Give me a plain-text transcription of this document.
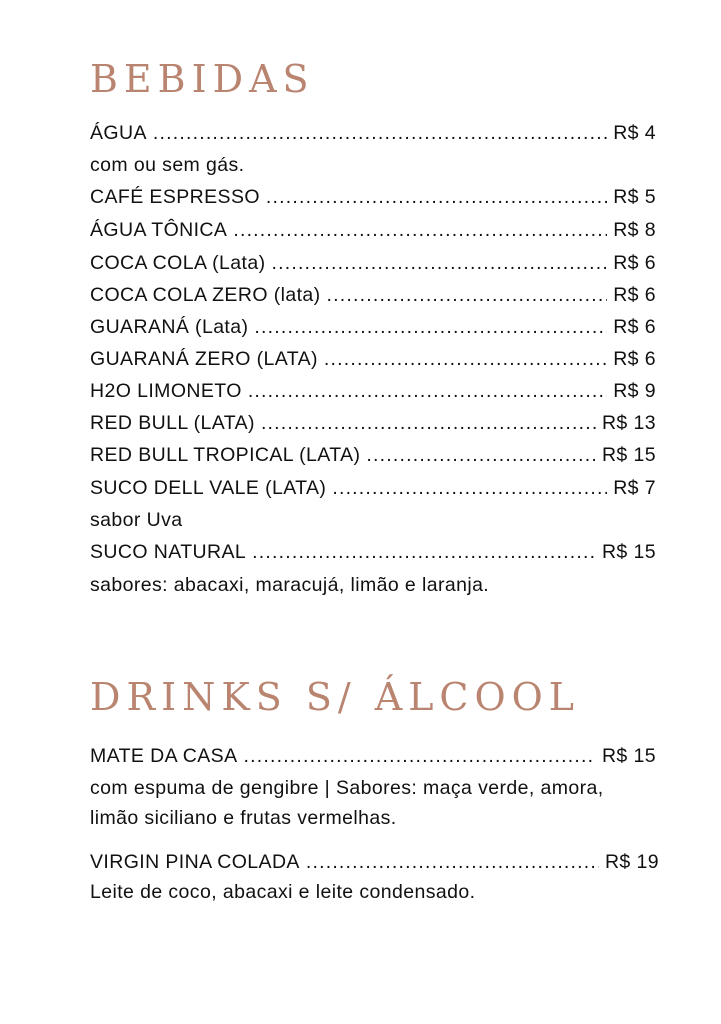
BEBIDAS
ÁGUA .....	R$ 4
com ou sem gás.
CAFÉ ESPRESSO .....	R$ 5
ÁGUA TÔNICA .....	R$ 8
COCA COLA (Lata) .....	R$ 6
COCA COLA ZERO (lata) .....	R$ 6
GUARANÁ (Lata) .....	R$ 6
GUARANÁ ZERO (LATA) .....	R$ 6
H2O LIMONETO .....	R$ 9
RED BULL (LATA) .....	R$ 13
RED BULL TROPICAL (LATA) .....	R$ 15
SUCO DELL VALE (LATA) .....	R$ 7
sabor Uva
SUCO NATURAL .....	R$ 15
sabores: abacaxi, maracujá, limão e laranja.
DRINKS S/ ÁLCOOL
MATE DA CASA .....	R$ 15
com espuma de gengibre | Sabores: maça verde, amora,
limão siciliano e frutas vermelhas.
VIRGIN PINA COLADA .....	R$ 19
Leite de coco, abacaxi e leite condensado.
